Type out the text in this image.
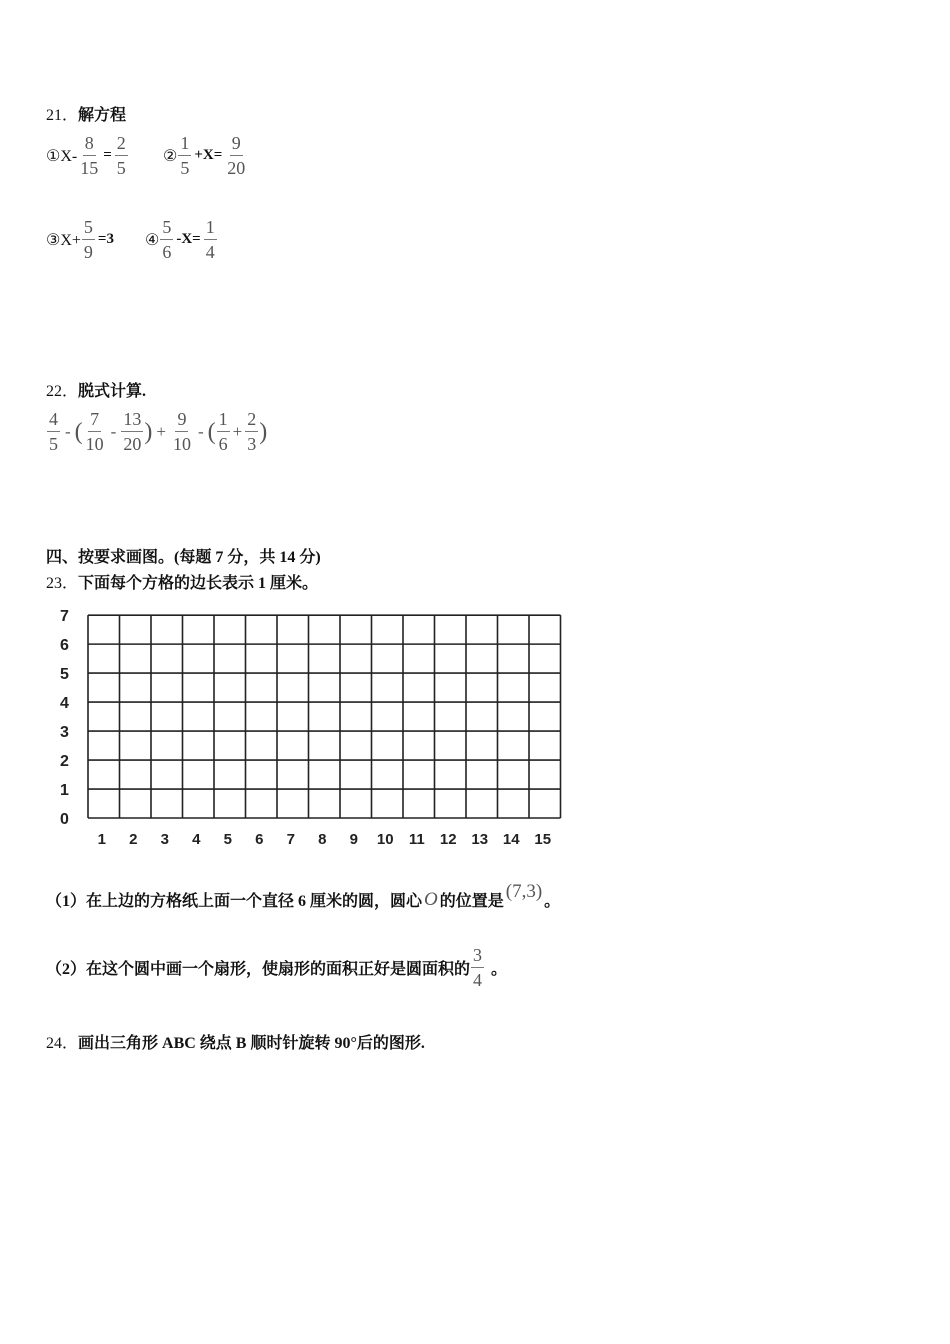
21．解方程
①X- $\frac{8}{15} = \frac{2}{5}$ ② $\frac{1}{5} +X= \frac{9}{20}$
③X+ $\frac{5}{9} =3$ ④ $\frac{5}{6} -X= \frac{1}{4}$
22．脱式计算.
$\frac{4}{5}$ - ( $\frac{7}{10} - \frac{13}{20}$ ) + $\frac{9}{10}$ - ( $\frac{1}{6} + \frac{2}{3}$ )
四、按要求画图。(每题 7 分，共 14 分)
23．下面每个方格的边长表示 1 厘米。
7
6
5
4
3
2
1
0
1 2 3 4 5 6 7 8 9 10 11 12 13 14 15
（1）在上边的方格纸上面一个直径 6 厘米的圆，圆心 O 的位置是 (7,3) 。
（2）在这个圆中画一个扇形，使扇形的面积正好是圆面积的 $\frac{3}{4}$ 。
24．画出三角形 ABC 绕点 B 顺时针旋转 90°后的图形.
